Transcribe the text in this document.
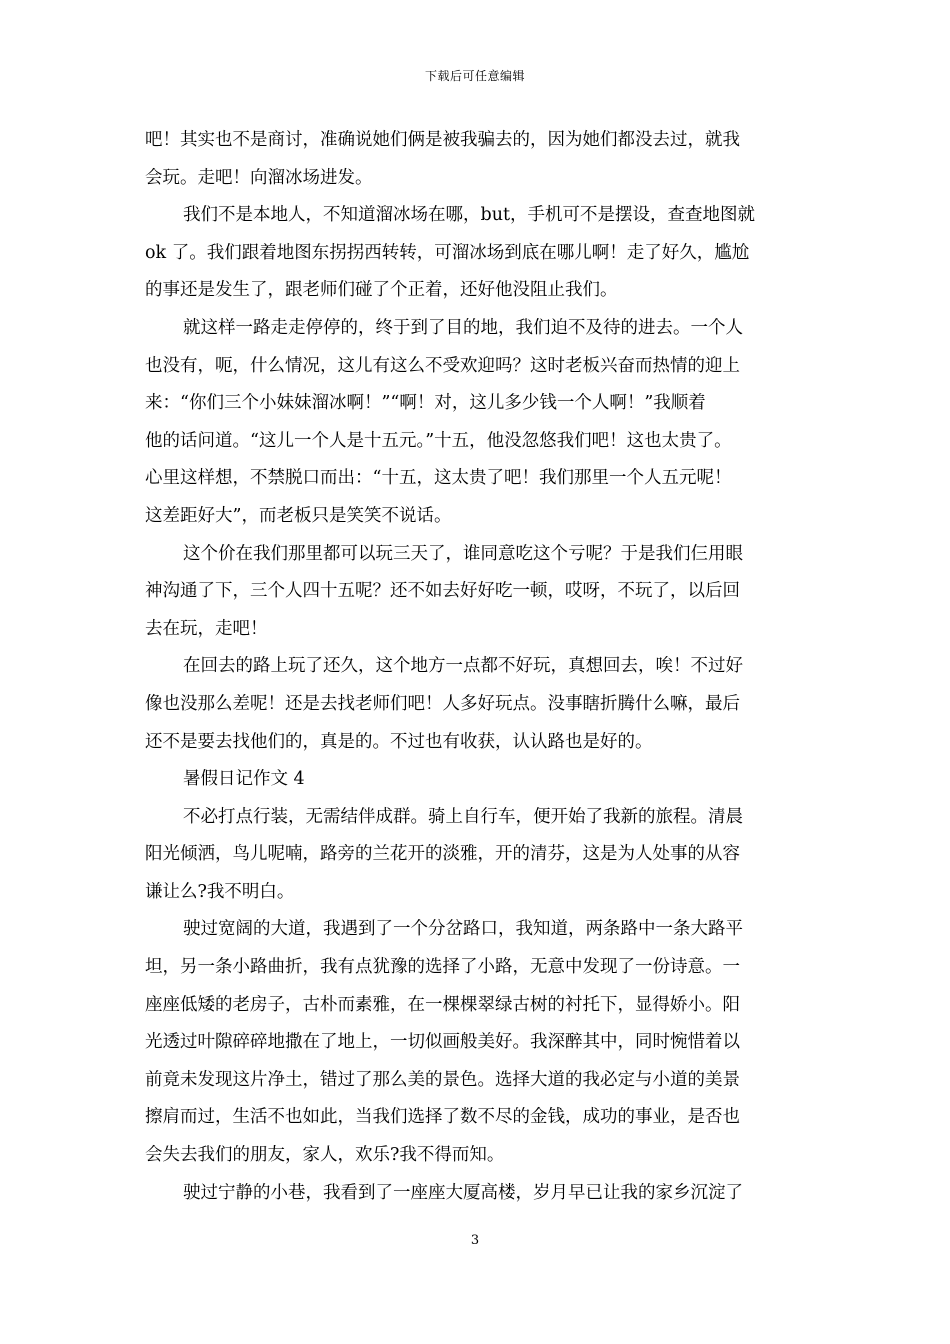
下载后可任意编辑

吧！其实也不是商讨，准确说她们俩是被我骗去的，因为她们都没去过，就我

会玩。走吧！向溜冰场进发。

我们不是本地人，不知道溜冰场在哪，but，手机可不是摆设，查查地图就

ok 了。我们跟着地图东拐拐西转转，可溜冰场到底在哪儿啊！走了好久，尴尬

的事还是发生了，跟老师们碰了个正着，还好他没阻止我们。

就这样一路走走停停的，终于到了目的地，我们迫不及待的进去。一个人

也没有，呃，什么情况，这儿有这么不受欢迎吗？这时老板兴奋而热情的迎上

来：“你们三个小妹妹溜冰啊！”“啊！对，这儿多少钱一个人啊！”我顺着

他的话问道。“这儿一个人是十五元。”十五，他没忽悠我们吧！这也太贵了。

心里这样想，不禁脱口而出：“十五，这太贵了吧！我们那里一个人五元呢！

这差距好大”，而老板只是笑笑不说话。

这个价在我们那里都可以玩三天了，谁同意吃这个亏呢？于是我们仨用眼

神沟通了下，三个人四十五呢？还不如去好好吃一顿，哎呀，不玩了，以后回

去在玩，走吧！

在回去的路上玩了还久，这个地方一点都不好玩，真想回去，唉！不过好

像也没那么差呢！还是去找老师们吧！人多好玩点。没事瞎折腾什么嘛，最后

还不是要去找他们的，真是的。不过也有收获，认认路也是好的。

暑假日记作文 4

不必打点行装，无需结伴成群。骑上自行车，便开始了我新的旅程。清晨

阳光倾洒，鸟儿呢喃，路旁的兰花开的淡雅，开的清芬，这是为人处事的从容

谦让么?我不明白。

驶过宽阔的大道，我遇到了一个分岔路口，我知道，两条路中一条大路平

坦，另一条小路曲折，我有点犹豫的选择了小路，无意中发现了一份诗意。一

座座低矮的老房子，古朴而素雅，在一棵棵翠绿古树的衬托下，显得娇小。阳

光透过叶隙碎碎地撒在了地上，一切似画般美好。我深醉其中，同时惋惜着以

前竟未发现这片净土，错过了那么美的景色。选择大道的我必定与小道的美景

擦肩而过，生活不也如此，当我们选择了数不尽的金钱，成功的事业，是否也

会失去我们的朋友，家人，欢乐?我不得而知。

驶过宁静的小巷，我看到了一座座大厦高楼，岁月早已让我的家乡沉淀了

3
